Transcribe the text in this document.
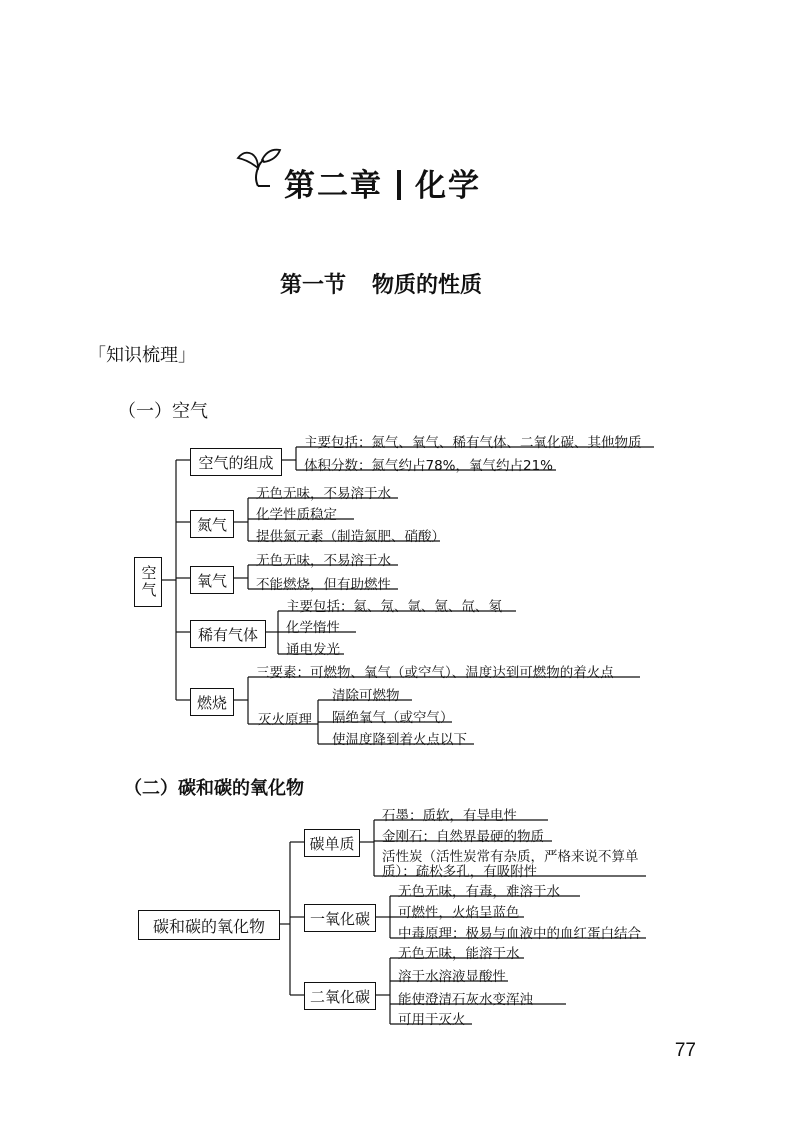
第二章 化学
第一节 物质的性质
「知识梳理」
（一）空气
空气
空气的组成
主要包括：氮气、氧气、稀有气体、二氧化碳、其他物质
体积分数：氮气约占78%，氧气约占21%
氮气
无色无味，不易溶于水
化学性质稳定
提供氮元素（制造氮肥、硝酸）
氧气
无色无味，不易溶于水
不能燃烧，但有助燃性
稀有气体
主要包括：氦、氖、氩、氪、氙、氡
化学惰性
通电发光
燃烧
三要素：可燃物、氧气（或空气）、温度达到可燃物的着火点
灭火原理
清除可燃物
隔绝氧气（或空气）
使温度降到着火点以下
（二）碳和碳的氧化物
碳和碳的氧化物
碳单质
石墨：质软，有导电性
金刚石：自然界最硬的物质
活性炭（活性炭常有杂质，严格来说不算单
质）：疏松多孔，有吸附性
一氧化碳
无色无味，有毒，难溶于水
可燃性，火焰呈蓝色
中毒原理：极易与血液中的血红蛋白结合
二氧化碳
无色无味，能溶于水
溶于水溶液显酸性
能使澄清石灰水变浑浊
可用于灭火
77
